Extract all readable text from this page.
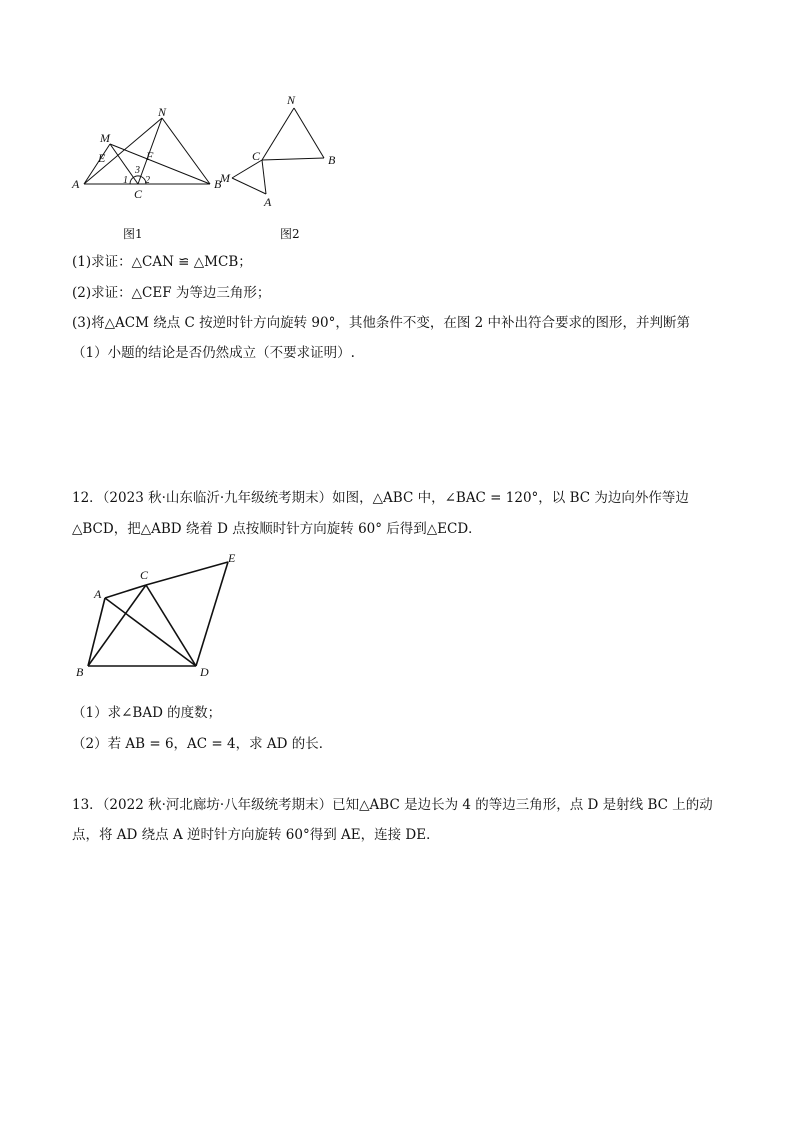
A	B
C
M
N
E	F
1 2
3
图1
N
C	B
M
A
图2
(1)求证：△CAN ≌ △MCB；
(2)求证：△CEF 为等边三角形；
(3)将△ACM 绕点 C 按逆时针方向旋转 90°，其他条件不变，在图 2 中补出符合要求的图形，并判断第
（1）小题的结论是否仍然成立（不要求证明）.
12．（2023 秋·山东临沂·九年级统考期末）如图，△ABC 中，∠BAC = 120°，以 BC 为边向外作等边
△BCD，把△ABD 绕着 D 点按顺时针方向旋转 60° 后得到△ECD．
A
C
E
B	D
（1）求∠BAD 的度数；
（2）若 AB = 6，AC = 4，求 AD 的长．
13．（2022 秋·河北廊坊·八年级统考期末）已知△ABC 是边长为 4 的等边三角形，点 D 是射线 BC 上的动
点，将 AD 绕点 A 逆时针方向旋转 60°得到 AE，连接 DE．
